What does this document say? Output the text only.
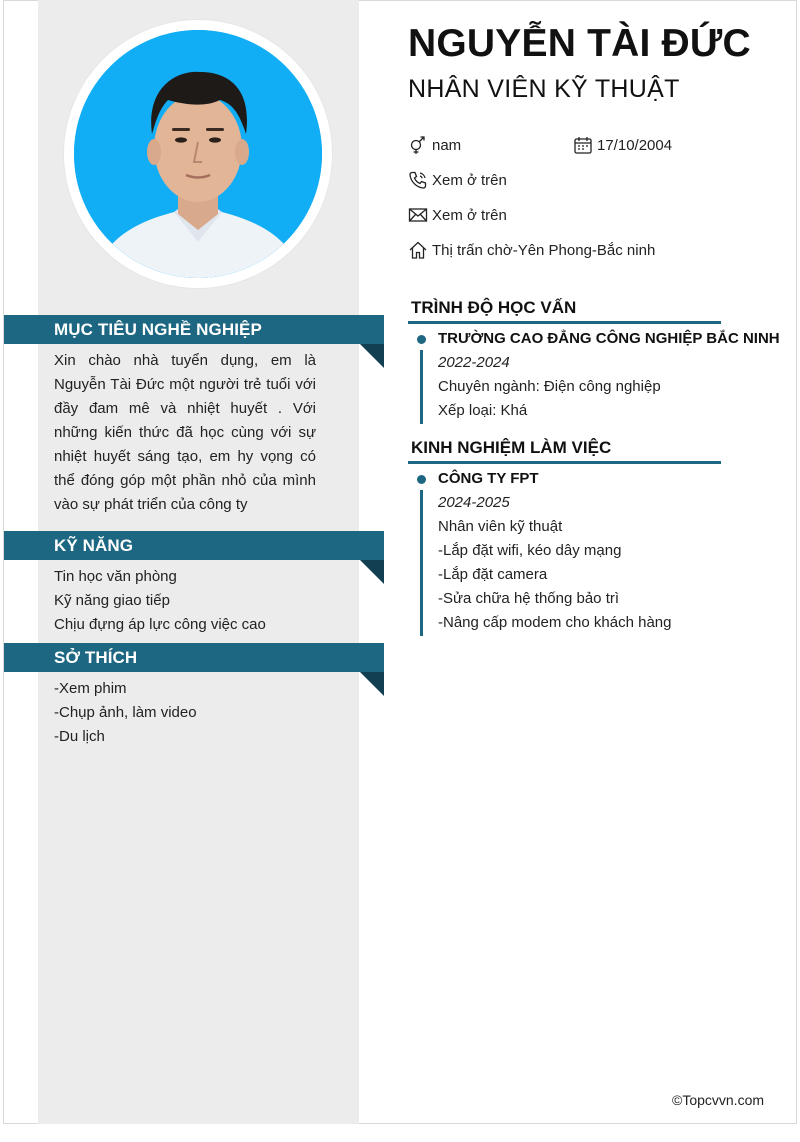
MỤC TIÊU NGHỀ NGHIỆP
Xin chào nhà tuyển dụng, em là Nguyễn Tài Đức một người trẻ tuổi với đầy đam mê và nhiệt huyết . Với những kiến thức đã học cùng với sự nhiệt huyết sáng tạo, em hy vọng có thể đóng góp một phần nhỏ của mình vào sự phát triển của công ty
KỸ NĂNG
Tin học văn phòng
Kỹ năng giao tiếp
Chịu đựng áp lực công việc cao
SỞ THÍCH
-Xem phim
-Chụp ảnh, làm video
-Du lịch
NGUYỄN TÀI ĐỨC
NHÂN VIÊN KỸ THUẬT
nam	17/10/2004
Xem ở trên
Xem ở trên
Thị trấn chờ-Yên Phong-Bắc ninh
TRÌNH ĐỘ HỌC VẤN
TRƯỜNG CAO ĐẲNG CÔNG NGHIỆP BẮC NINH
2022-2024
Chuyên ngành: Điện công nghiệp
Xếp loại: Khá
KINH NGHIỆM LÀM VIỆC
CÔNG TY FPT
2024-2025
Nhân viên kỹ thuật
-Lắp đặt wifi, kéo dây mạng
-Lắp đặt camera
-Sửa chữa hệ thống bảo trì
-Nâng cấp modem cho khách hàng
©Topcvvn.com
